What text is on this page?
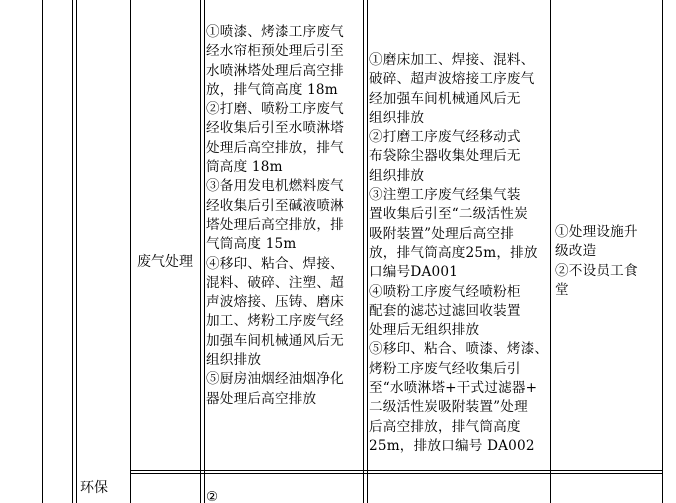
环保
废气处理
①喷漆、烤漆工序废气
经水帘柜预处理后引至
水喷淋塔处理后高空排
放，排气筒高度 18m
②打磨、喷粉工序废气
经收集后引至水喷淋塔
处理后高空排放，排气
筒高度 18m
③备用发电机燃料废气
经收集后引至碱液喷淋
塔处理后高空排放，排
气筒高度 15m
④移印、粘合、焊接、
混料、破碎、注塑、超
声波熔接、压铸、磨床
加工、烤粉工序废气经
加强车间机械通风后无
组织排放
⑤厨房油烟经油烟净化
器处理后高空排放
①磨床加工、焊接、混料、
破碎、超声波熔接工序废气
经加强车间机械通风后无
组织排放
②打磨工序废气经移动式
布袋除尘器收集处理后无
组织排放
③注塑工序废气经集气装
置收集后引至“二级活性炭
吸附装置”处理后高空排
放，排气筒高度25m，排放
口编号DA001
④喷粉工序废气经喷粉柜
配套的滤芯过滤回收装置
处理后无组织排放
⑤移印、粘合、喷漆、烤漆、
烤粉工序废气经收集后引
至“水喷淋塔+干式过滤器+
二级活性炭吸附装置”处理
后高空排放，排气筒高度
25m，排放口编号 DA002
①处理设施升
级改造
②不设员工食
堂
②
